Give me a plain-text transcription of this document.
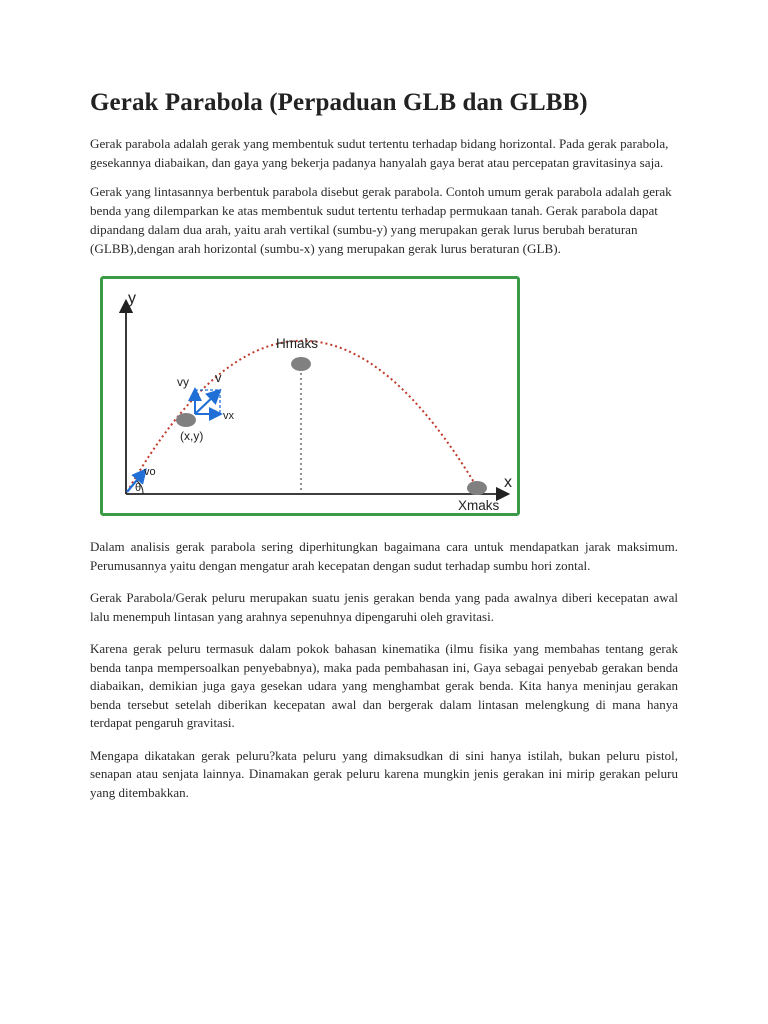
Gerak Parabola (Perpaduan GLB dan GLBB)

Gerak parabola adalah gerak yang membentuk sudut tertentu terhadap bidang horizontal. Pada gerak parabola, gesekannya diabaikan, dan gaya yang bekerja padanya hanyalah gaya berat atau percepatan gravitasinya saja.

Gerak yang lintasannya berbentuk parabola disebut gerak parabola. Contoh umum gerak parabola adalah gerak benda yang dilemparkan ke atas membentuk sudut tertentu terhadap permukaan tanah. Gerak parabola dapat dipandang dalam dua arah, yaitu arah vertikal (sumbu-y) yang merupakan gerak lurus berubah beraturan (GLBB),dengan arah horizontal (sumbu-x) yang merupakan gerak lurus beraturan (GLB).

y
x
Hmaks
Xmaks
v
vy
vx
(x,y)
vo
θ

Dalam analisis gerak parabola sering diperhitungkan bagaimana cara untuk mendapatkan jarak maksimum. Perumusannya yaitu dengan mengatur arah kecepatan dengan sudut terhadap sumbu hori zontal.

Gerak Parabola/Gerak peluru merupakan suatu jenis gerakan benda yang pada awalnya diberi kecepatan awal lalu menempuh lintasan yang arahnya sepenuhnya dipengaruhi oleh gravitasi.

Karena gerak peluru termasuk dalam pokok bahasan kinematika (ilmu fisika yang membahas tentang gerak benda tanpa mempersoalkan penyebabnya), maka pada pembahasan ini, Gaya sebagai penyebab gerakan benda diabaikan, demikian juga gaya gesekan udara yang menghambat gerak benda. Kita hanya meninjau gerakan benda tersebut setelah diberikan kecepatan awal dan bergerak dalam lintasan melengkung di mana hanya terdapat pengaruh gravitasi.

Mengapa dikatakan gerak peluru?kata peluru yang dimaksudkan di sini hanya istilah, bukan peluru pistol, senapan atau senjata lainnya. Dinamakan gerak peluru karena mungkin jenis gerakan ini mirip gerakan peluru yang ditembakkan.
